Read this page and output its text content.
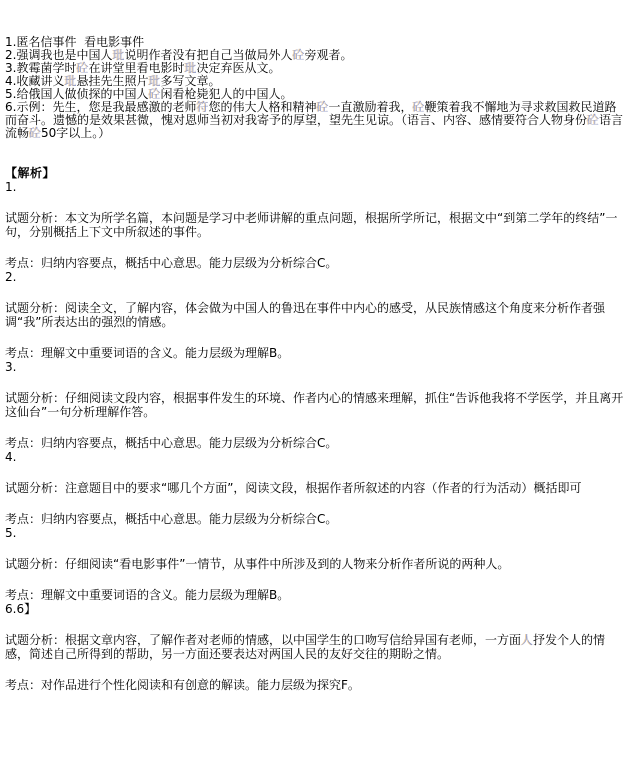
1.匿名信事件  看电影事件
2.强调我也是中国人玭说明作者没有把自己当做局外人砼旁观者。
3.教霉菌学时砼在讲堂里看电影时玭决定弃医从文。
4.收藏讲义玭悬挂先生照片玭多写文章。
5.给俄国人做侦探的中国人砼闲看枪毙犯人的中国人。
6.示例：先生，您是我最感激的老师符您的伟大人格和精神砼一直激励着我，砼鞭策着我不懈地为寻求救国救民道路而奋斗。遗憾的是效果甚微，愧对恩师当初对我寄予的厚望，望先生见谅。（语言、内容、感情要符合人物身份砼语言流畅砼50字以上。）
【解析】
1.
试题分析：本文为所学名篇，本问题是学习中老师讲解的重点问题，根据所学所记，根据文中“到第二学年的终结”一句，分别概括上下文中所叙述的事件。
考点：归纳内容要点，概括中心意思。能力层级为分析综合C。
2.
试题分析：阅读全文，了解内容，体会做为中国人的鲁迅在事件中内心的感受，从民族情感这个角度来分析作者强调“我”所表达出的强烈的情感。
考点：理解文中重要词语的含义。能力层级为理解B。
3.
试题分析：仔细阅读文段内容，根据事件发生的环境、作者内心的情感来理解，抓住“告诉他我将不学医学，并且离开这仙台”一句分析理解作答。
考点：归纳内容要点，概括中心意思。能力层级为分析综合C。
4.
试题分析：注意题目中的要求“哪几个方面”，阅读文段，根据作者所叙述的内容（作者的行为活动）概括即可
考点：归纳内容要点，概括中心意思。能力层级为分析综合C。
5.
试题分析：仔细阅读“看电影事件”一情节，从事件中所涉及到的人物来分析作者所说的两种人。
考点：理解文中重要词语的含义。能力层级为理解B。
6.6】
试题分析：根据文章内容，了解作者对老师的情感，以中国学生的口吻写信给异国有老师，一方面人抒发个人的情感，简述自己所得到的帮助，另一方面还要表达对两国人民的友好交往的期盼之情。
考点：对作品进行个性化阅读和有创意的解读。能力层级为探究F。
